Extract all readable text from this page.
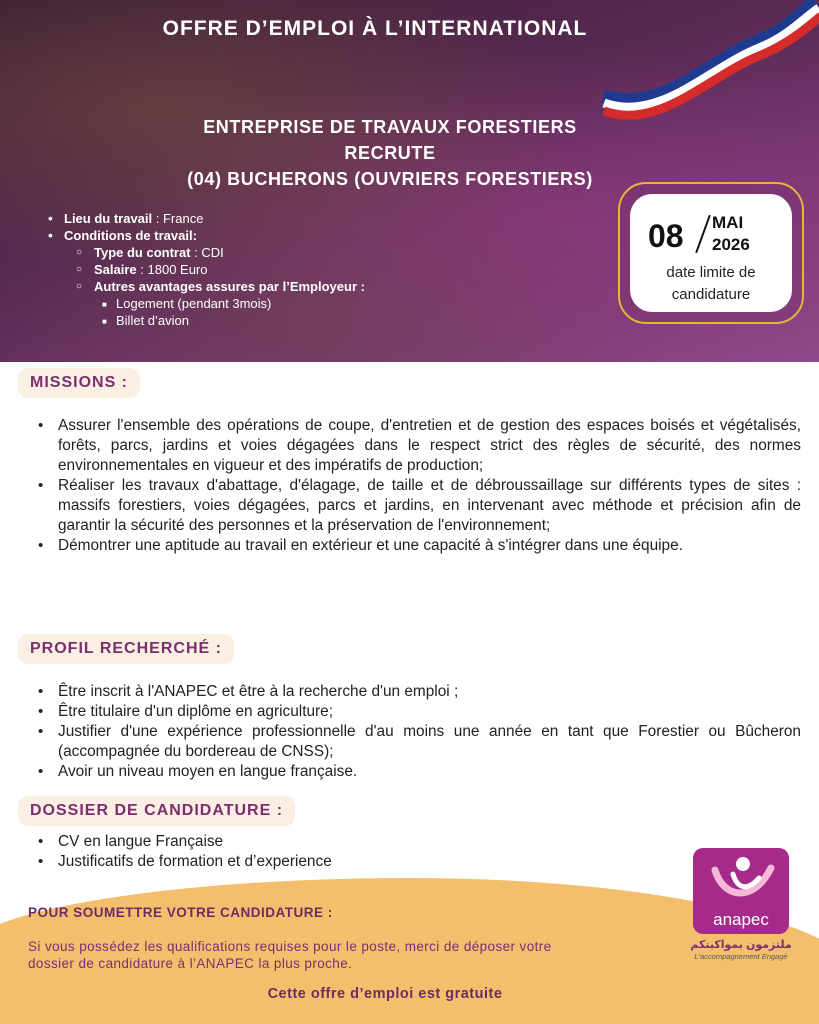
OFFRE D’EMPLOI À L’INTERNATIONAL
ENTREPRISE DE TRAVAUX FORESTIERS
RECRUTE
(04) BUCHERONS (OUVRIERS FORESTIERS)
• Lieu du travail : France
• Conditions de travail:
○ Type du contrat : CDI
○ Salaire : 1800 Euro
○ Autres avantages assures par l’Employeur :
■ Logement (pendant 3mois)
■ Billet d’avion
08 MAI
2026
date limite de
candidature
MISSIONS :
• Assurer l'ensemble des opérations de coupe, d'entretien et de gestion des espaces boisés et végétalisés, forêts, parcs, jardins et voies dégagées dans le respect strict des règles de sécurité, des normes environnementales en vigueur et des impératifs de production;
• Réaliser les travaux d'abattage, d'élagage, de taille et de débroussaillage sur différents types de sites : massifs forestiers, voies dégagées, parcs et jardins, en intervenant avec méthode et précision afin de garantir la sécurité des personnes et la préservation de l'environnement;
• Démontrer une aptitude au travail en extérieur et une capacité à s'intégrer dans une équipe.
PROFIL RECHERCHÉ :
• Être inscrit à l'ANAPEC et être à la recherche d'un emploi ;
• Être titulaire d'un diplôme en agriculture;
• Justifier d'une expérience professionnelle d'au moins une année en tant que Forestier ou Bûcheron (accompagnée du bordereau de CNSS);
• Avoir un niveau moyen en langue française.
DOSSIER DE CANDIDATURE :
• CV en langue Française
• Justificatifs de formation et d’experience
POUR SOUMETTRE VOTRE CANDIDATURE :
Si vous possédez les qualifications requises pour le poste, merci de déposer votre dossier de candidature à l’ANAPEC la plus proche.
Cette offre d’emploi est gratuite
anapec
ملتزمون بمواكبتكم
L'accompagnement Engagé
